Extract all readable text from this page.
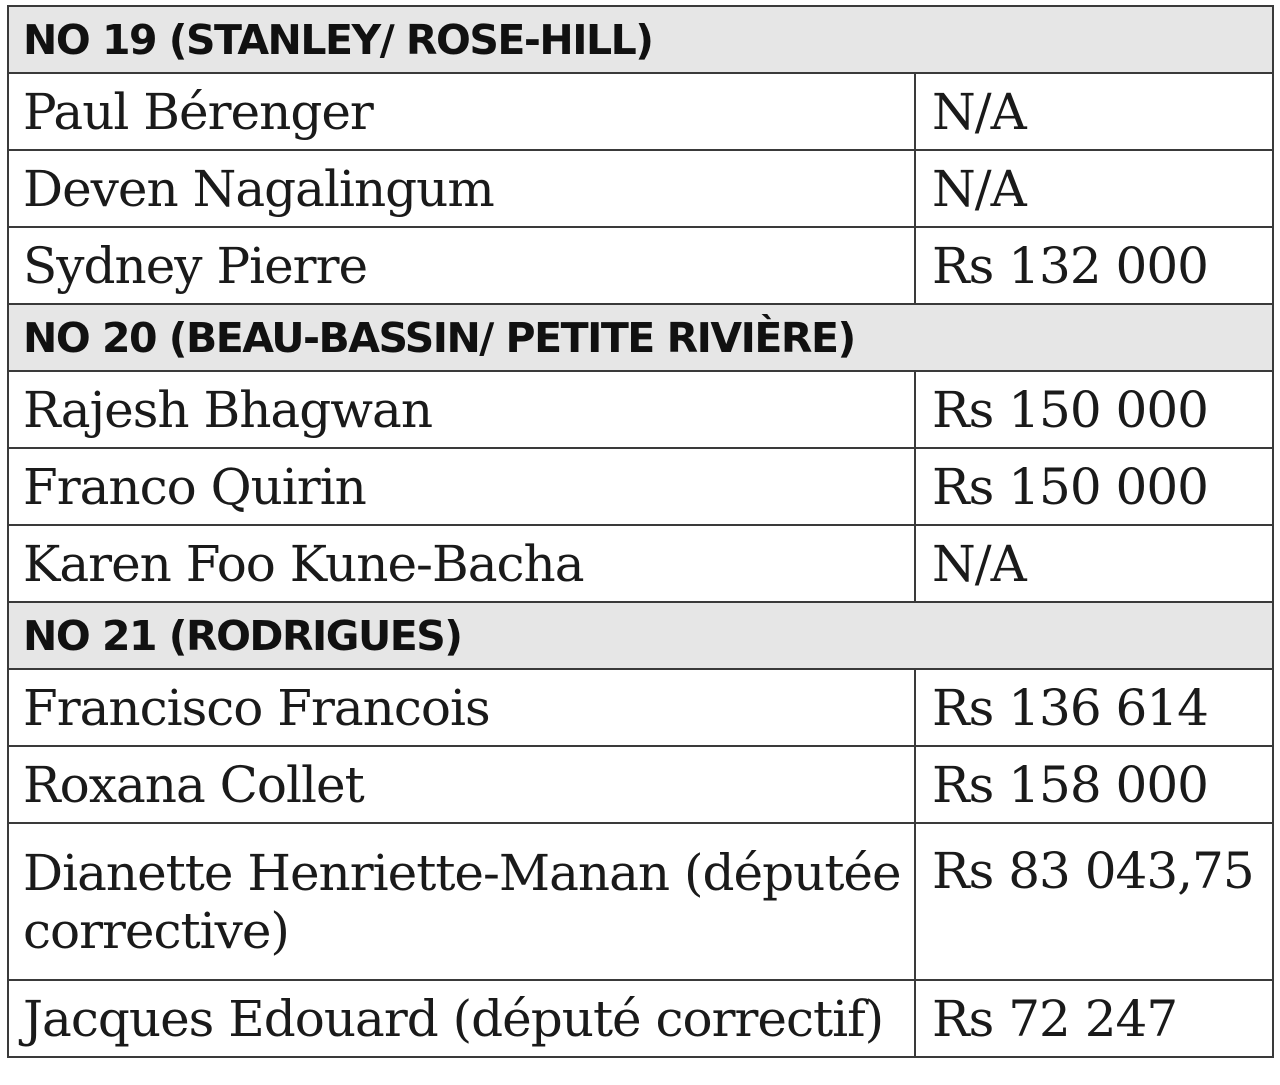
NO 19 (STANLEY/ ROSE-HILL)	
Paul Bérenger	N/A
Deven Nagalingum	N/A
Sydney Pierre	Rs 132 000
NO 20 (BEAU-BASSIN/ PETITE RIVIÈRE)	
Rajesh Bhagwan	Rs 150 000
Franco Quirin	Rs 150 000
Karen Foo Kune-Bacha	N/A
NO 21 (RODRIGUES)	
Francisco Francois	Rs 136 614
Roxana Collet	Rs 158 000
Dianette Henriette-Manan (députée corrective)	Rs 83 043,75
Jacques Edouard (député correctif)	Rs 72 247
